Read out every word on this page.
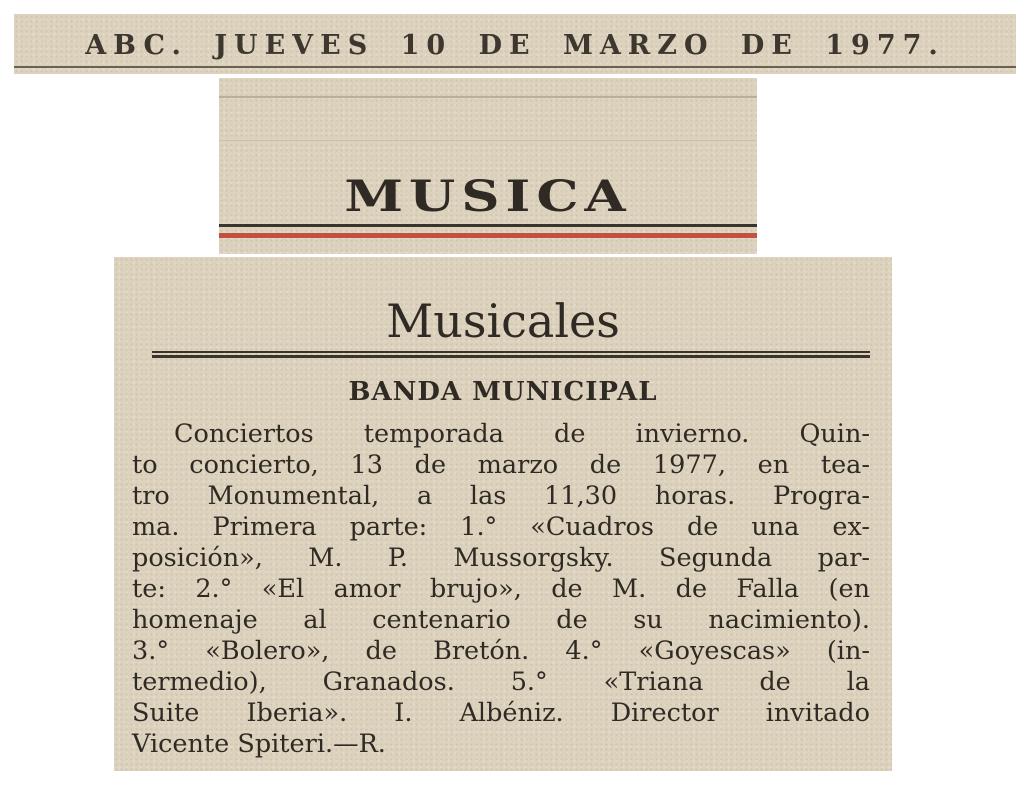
ABC. JUEVES 10 DE MARZO DE 1977.
MUSICA
Musicales
BANDA MUNICIPAL
Conciertos temporada de invierno. Quin-
to concierto, 13 de marzo de 1977, en tea-
tro Monumental, a las 11,30 horas. Progra-
ma. Primera parte: 1.° «Cuadros de una ex-
posición», M. P. Mussorgsky. Segunda par-
te: 2.° «El amor brujo», de M. de Falla (en
homenaje al centenario de su nacimiento).
3.° «Bolero», de Bretón. 4.° «Goyescas» (in-
termedio), Granados. 5.° «Triana de la
Suite Iberia». I. Albéniz. Director invitado
Vicente Spiteri.—R.
